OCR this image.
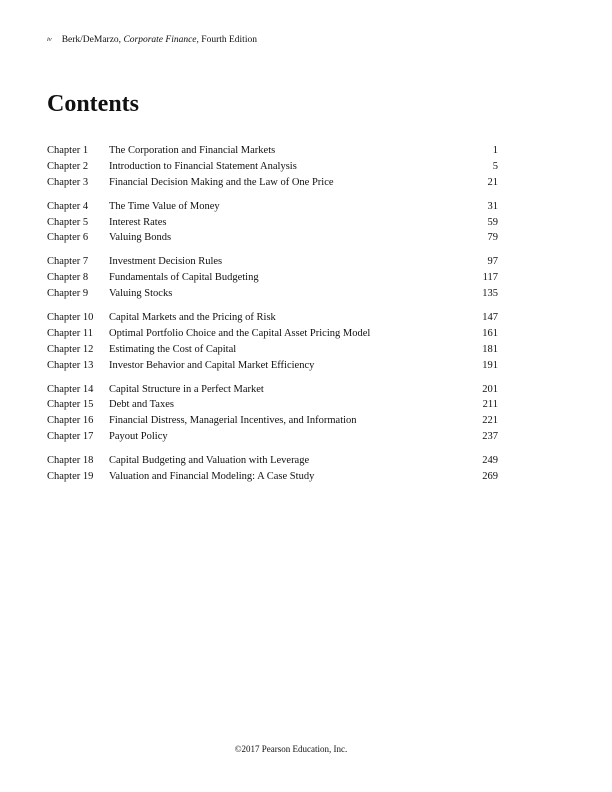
iv Berk/DeMarzo, Corporate Finance, Fourth Edition
Contents
Chapter 1 The Corporation and Financial Markets	1
Chapter 2 Introduction to Financial Statement Analysis	5
Chapter 3 Financial Decision Making and the Law of One Price	21
Chapter 4 The Time Value of Money	31
Chapter 5 Interest Rates	59
Chapter 6 Valuing Bonds	79
Chapter 7 Investment Decision Rules	97
Chapter 8 Fundamentals of Capital Budgeting	117
Chapter 9 Valuing Stocks	135
Chapter 10 Capital Markets and the Pricing of Risk	147
Chapter 11 Optimal Portfolio Choice and the Capital Asset Pricing Model	161
Chapter 12 Estimating the Cost of Capital	181
Chapter 13 Investor Behavior and Capital Market Efficiency	191
Chapter 14 Capital Structure in a Perfect Market	201
Chapter 15 Debt and Taxes	211
Chapter 16 Financial Distress, Managerial Incentives, and Information	221
Chapter 17 Payout Policy	237
Chapter 18 Capital Budgeting and Valuation with Leverage	249
Chapter 19 Valuation and Financial Modeling: A Case Study	269
©2017 Pearson Education, Inc.
